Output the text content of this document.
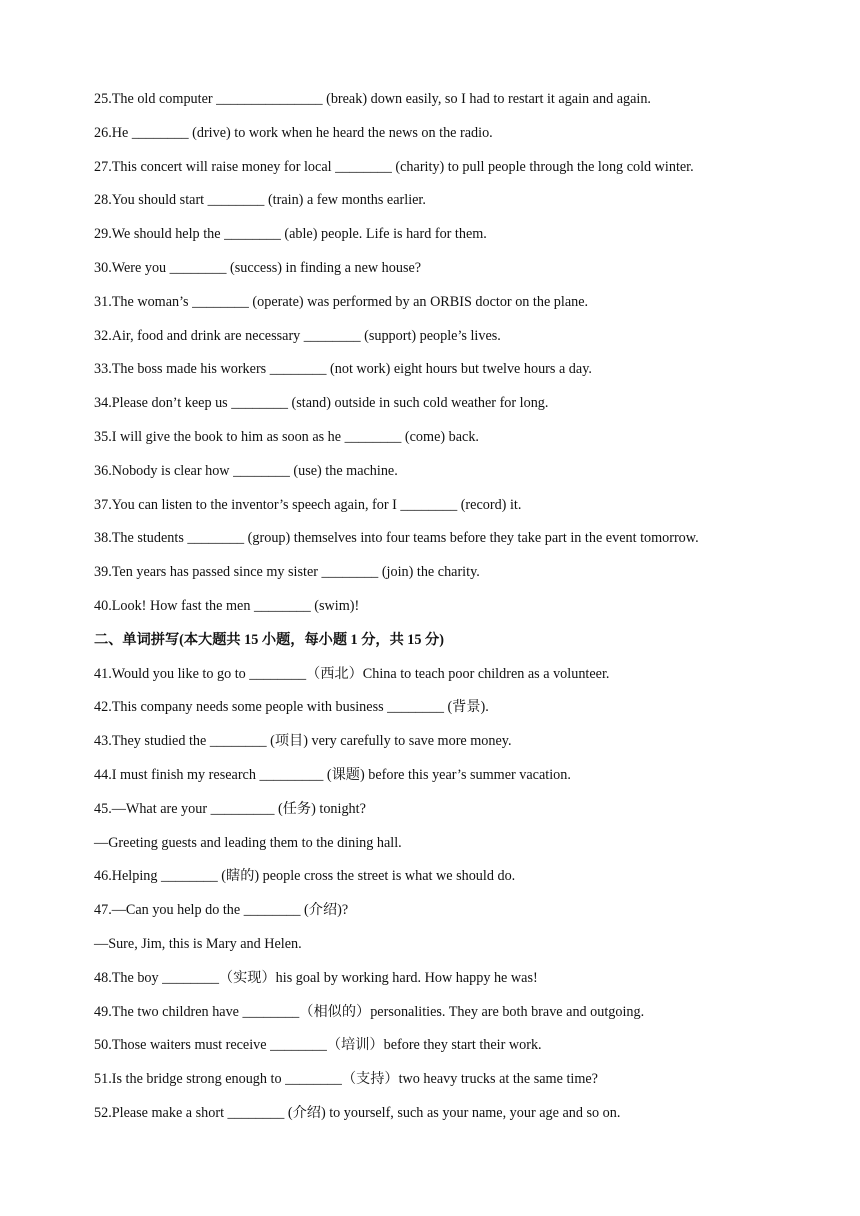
25.The old computer _______________ (break) down easily, so I had to restart it again and again.
26.He ________ (drive) to work when he heard the news on the radio.
27.This concert will raise money for local ________ (charity) to pull people through the long cold winter.
28.You should start ________ (train) a few months earlier.
29.We should help the ________ (able) people. Life is hard for them.
30.Were you ________ (success) in finding a new house?
31.The woman’s ________ (operate) was performed by an ORBIS doctor on the plane.
32.Air, food and drink are necessary ________ (support) people’s lives.
33.The boss made his workers ________ (not work) eight hours but twelve hours a day.
34.Please don’t keep us ________ (stand) outside in such cold weather for long.
35.I will give the book to him as soon as he ________ (come) back.
36.Nobody is clear how ________ (use) the machine.
37.You can listen to the inventor’s speech again, for I ________ (record) it.
38.The students ________ (group) themselves into four teams before they take part in the event tomorrow.
39.Ten years has passed since my sister ________ (join) the charity.
40.Look! How fast the men ________ (swim)!
二、单词拼写(本大题共 15 小题，每小题 1 分，共 15 分)
41.Would you like to go to ________（西北）China to teach poor children as a volunteer.
42.This company needs some people with business ________ (背景).
43.They studied the ________ (项目) very carefully to save more money.
44.I must finish my research _________ (课题) before this year’s summer vacation.
45.—What are your _________ (任务) tonight?
—Greeting guests and leading them to the dining hall.
46.Helping ________ (瞎的) people cross the street is what we should do.
47.—Can you help do the ________ (介绍)?
—Sure, Jim, this is Mary and Helen.
48.The boy ________（实现）his goal by working hard. How happy he was!
49.The two children have ________（相似的）personalities. They are both brave and outgoing.
50.Those waiters must receive ________（培训）before they start their work.
51.Is the bridge strong enough to ________（支持）two heavy trucks at the same time?
52.Please make a short ________ (介绍) to yourself, such as your name, your age and so on.
